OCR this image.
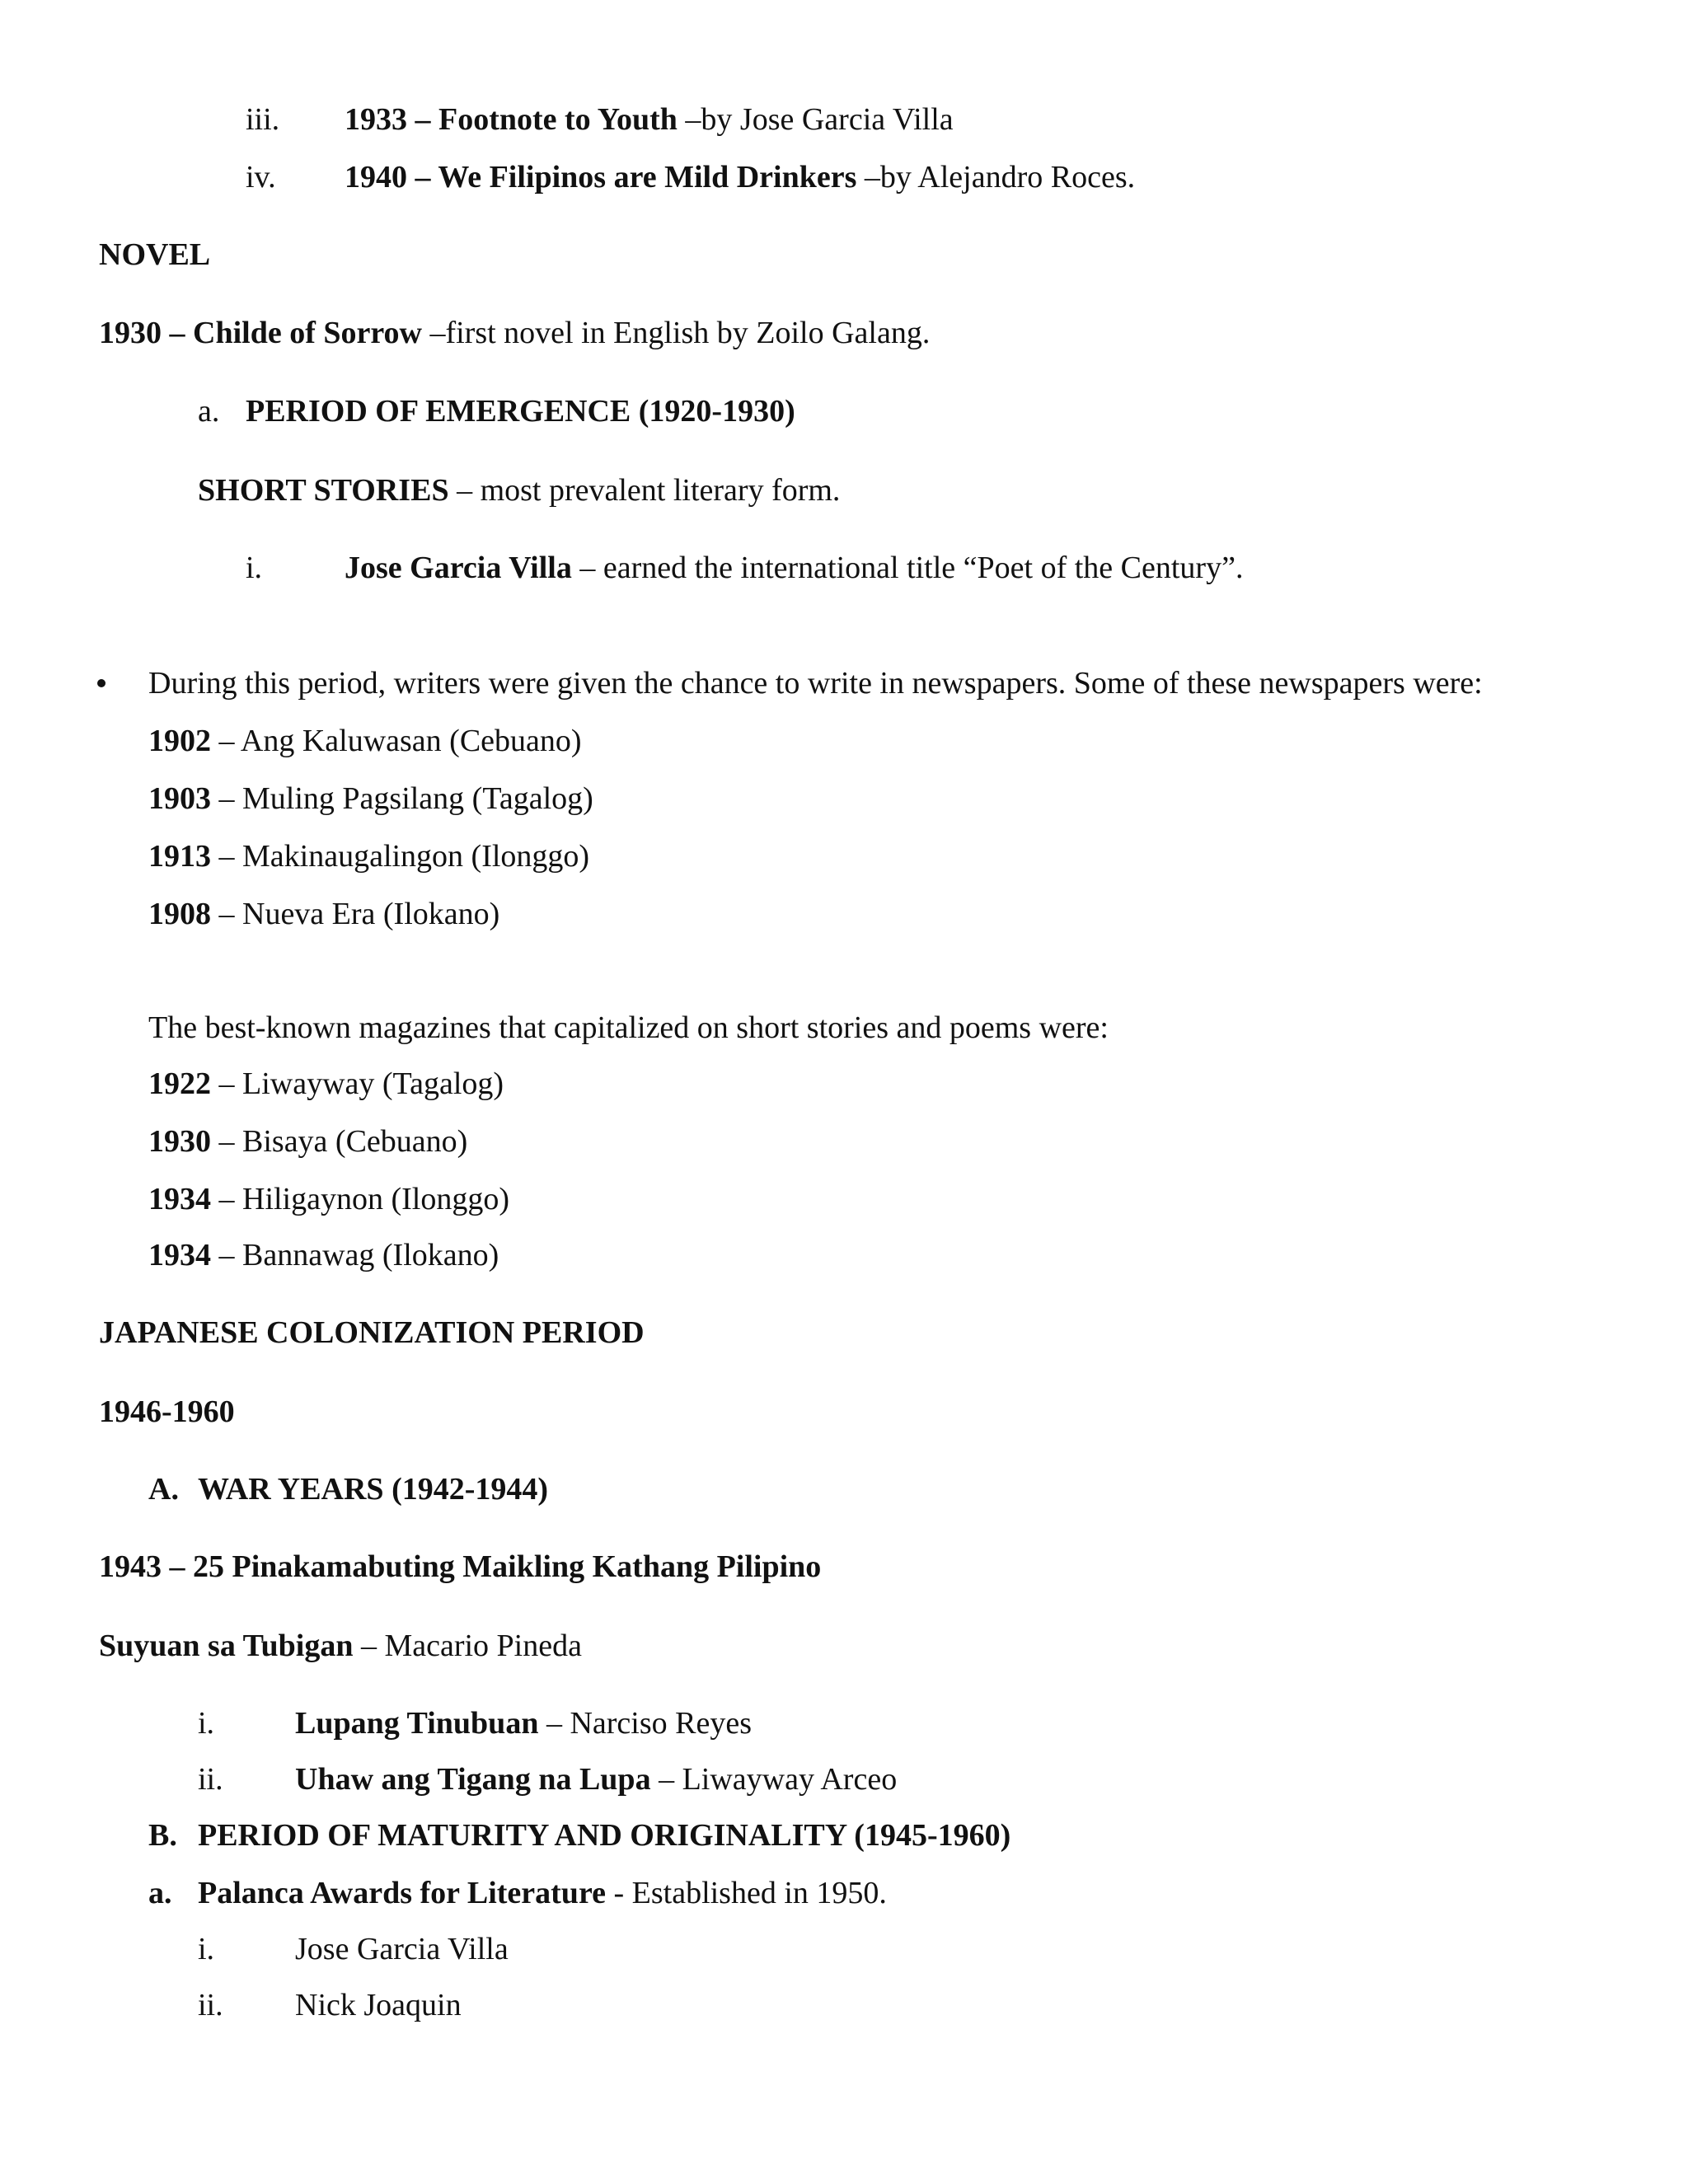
iii. 1933 – Footnote to Youth –by Jose Garcia Villa
iv. 1940 – We Filipinos are Mild Drinkers –by Alejandro Roces.
NOVEL
1930 – Childe of Sorrow –first novel in English by Zoilo Galang.
a. PERIOD OF EMERGENCE (1920-1930)
SHORT STORIES – most prevalent literary form.
i.	Jose Garcia Villa – earned the international title “Poet of the Century”.
During this period, writers were given the chance to write in newspapers. Some of these newspapers were:
1902 – Ang Kaluwasan (Cebuano)
1903 – Muling Pagsilang (Tagalog)
1913 – Makinaugalingon (Ilonggo)
1908 – Nueva Era (Ilokano)
The best-known magazines that capitalized on short stories and poems were:
1922 – Liwayway (Tagalog)
1930 – Bisaya (Cebuano)
1934 – Hiligaynon (Ilonggo)
1934 – Bannawag (Ilokano)
JAPANESE COLONIZATION PERIOD
1946-1960
A. WAR YEARS (1942-1944)
1943 – 25 Pinakamabuting Maikling Kathang Pilipino
Suyuan sa Tubigan – Macario Pineda
i.	Lupang Tinubuan – Narciso Reyes
ii. Uhaw ang Tigang na Lupa – Liwayway Arceo
B. PERIOD OF MATURITY AND ORIGINALITY (1945-1960)
a. Palanca Awards for Literature - Established in 1950.
i.	Jose Garcia Villa
ii. Nick Joaquin
